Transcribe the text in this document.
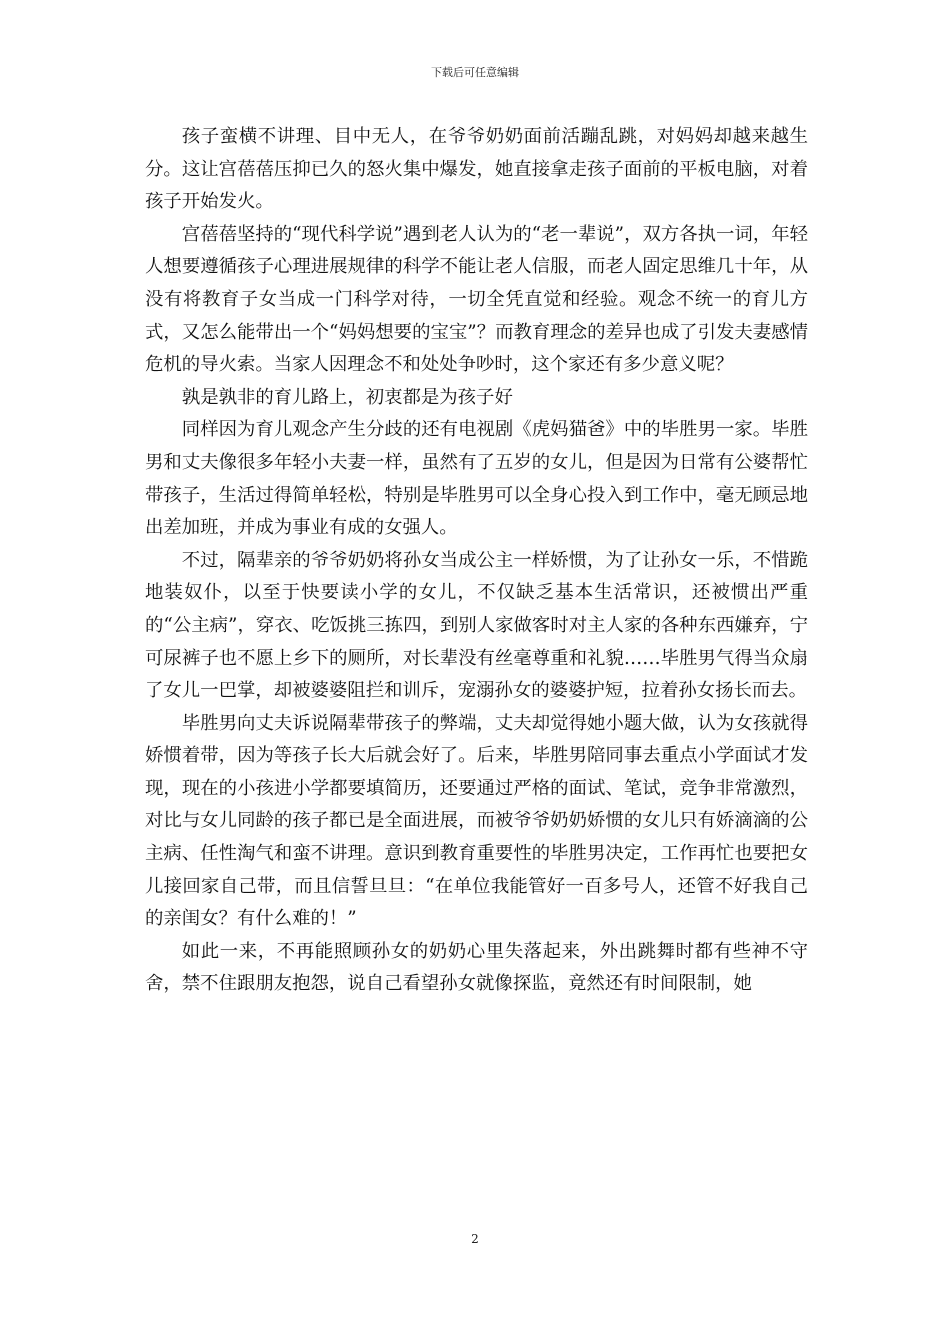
下载后可任意编辑

孩子蛮横不讲理、目中无人，在爷爷奶奶面前活蹦乱跳，对妈妈却越来越生分。这让宫蓓蓓压抑已久的怒火集中爆发，她直接拿走孩子面前的平板电脑，对着孩子开始发火。

宫蓓蓓坚持的“现代科学说”遇到老人认为的“老一辈说”，双方各执一词，年轻人想要遵循孩子心理进展规律的科学不能让老人信服，而老人固定思维几十年，从没有将教育子女当成一门科学对待，一切全凭直觉和经验。观念不统一的育儿方式，又怎么能带出一个“妈妈想要的宝宝”？而教育理念的差异也成了引发夫妻感情危机的导火索。当家人因理念不和处处争吵时，这个家还有多少意义呢？

孰是孰非的育儿路上，初衷都是为孩子好

同样因为育儿观念产生分歧的还有电视剧《虎妈猫爸》中的毕胜男一家。毕胜男和丈夫像很多年轻小夫妻一样，虽然有了五岁的女儿，但是因为日常有公婆帮忙带孩子，生活过得简单轻松，特别是毕胜男可以全身心投入到工作中，毫无顾忌地出差加班，并成为事业有成的女强人。

不过，隔辈亲的爷爷奶奶将孙女当成公主一样娇惯，为了让孙女一乐，不惜跪地装奴仆，以至于快要读小学的女儿，不仅缺乏基本生活常识，还被惯出严重的“公主病”，穿衣、吃饭挑三拣四，到别人家做客时对主人家的各种东西嫌弃，宁可尿裤子也不愿上乡下的厕所，对长辈没有丝毫尊重和礼貌……毕胜男气得当众扇了女儿一巴掌，却被婆婆阻拦和训斥，宠溺孙女的婆婆护短，拉着孙女扬长而去。

毕胜男向丈夫诉说隔辈带孩子的弊端，丈夫却觉得她小题大做，认为女孩就得娇惯着带，因为等孩子长大后就会好了。后来，毕胜男陪同事去重点小学面试才发现，现在的小孩进小学都要填简历，还要通过严格的面试、笔试，竞争非常激烈，对比与女儿同龄的孩子都已是全面进展，而被爷爷奶奶娇惯的女儿只有娇滴滴的公主病、任性淘气和蛮不讲理。意识到教育重要性的毕胜男决定，工作再忙也要把女儿接回家自己带，而且信誓旦旦：“在单位我能管好一百多号人，还管不好我自己的亲闺女？有什么难的！”

如此一来，不再能照顾孙女的奶奶心里失落起来，外出跳舞时都有些神不守舍，禁不住跟朋友抱怨，说自己看望孙女就像探监，竟然还有时间限制，她

2
